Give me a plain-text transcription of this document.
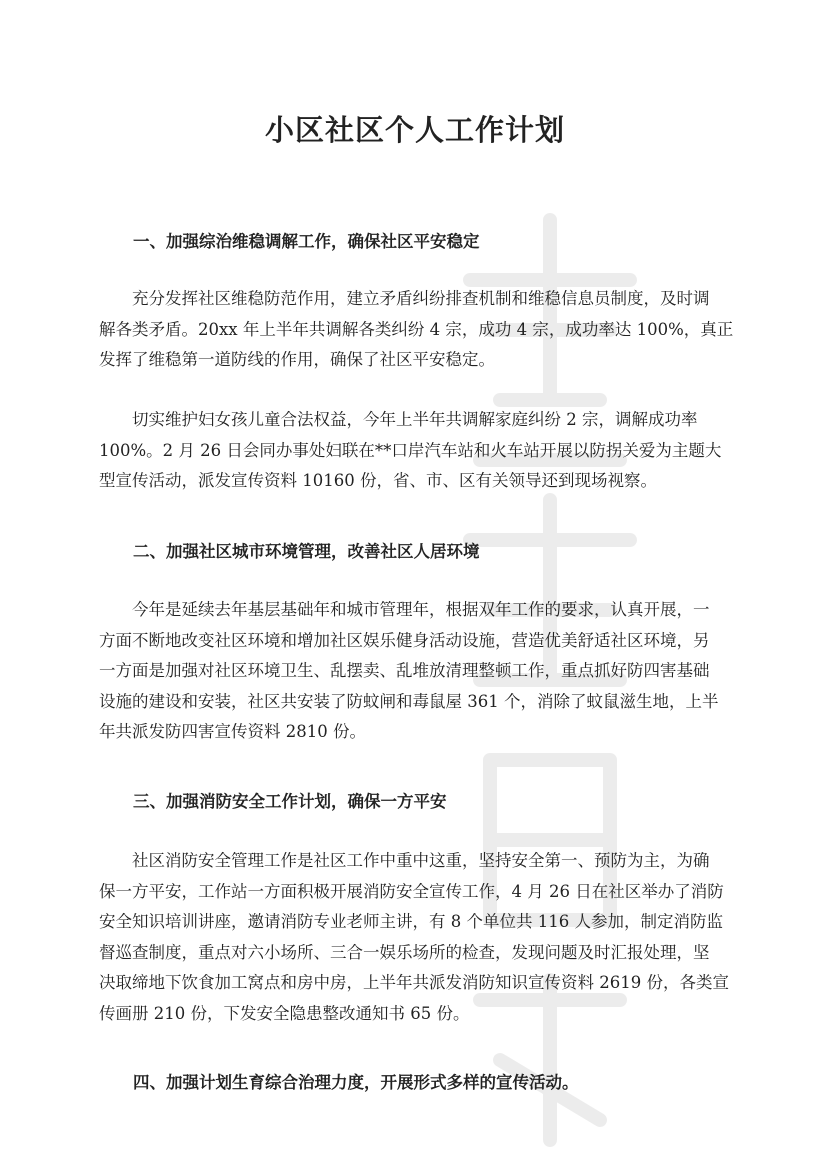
小区社区个人工作计划
一、加强综治维稳调解工作，确保社区平安稳定

充分发挥社区维稳防范作用，建立矛盾纠纷排查机制和维稳信息员制度，及时调
解各类矛盾。20xx 年上半年共调解各类纠纷 4 宗，成功 4 宗，成功率达 100%，真正
发挥了维稳第一道防线的作用，确保了社区平安稳定。

切实维护妇女孩儿童合法权益，今年上半年共调解家庭纠纷 2 宗，调解成功率
100%。2 月 26 日会同办事处妇联在**口岸汽车站和火车站开展以防拐关爱为主题大
型宣传活动，派发宣传资料 10160 份，省、市、区有关领导还到现场视察。

二、加强社区城市环境管理，改善社区人居环境

今年是延续去年基层基础年和城市管理年，根据双年工作的要求，认真开展，一
方面不断地改变社区环境和增加社区娱乐健身活动设施，营造优美舒适社区环境，另
一方面是加强对社区环境卫生、乱摆卖、乱堆放清理整顿工作，重点抓好防四害基础
设施的建设和安装，社区共安装了防蚊闸和毒鼠屋 361 个，消除了蚊鼠滋生地，上半
年共派发防四害宣传资料 2810 份。

三、加强消防安全工作计划，确保一方平安

社区消防安全管理工作是社区工作中重中这重，坚持安全第一、预防为主，为确
保一方平安，工作站一方面积极开展消防安全宣传工作，4 月 26 日在社区举办了消防
安全知识培训讲座，邀请消防专业老师主讲，有 8 个单位共 116 人参加，制定消防监
督巡查制度，重点对六小场所、三合一娱乐场所的检查，发现问题及时汇报处理，坚
决取缔地下饮食加工窝点和房中房，上半年共派发消防知识宣传资料 2619 份，各类宣
传画册 210 份，下发安全隐患整改通知书 65 份。

四、加强计划生育综合治理力度，开展形式多样的宣传活动。
